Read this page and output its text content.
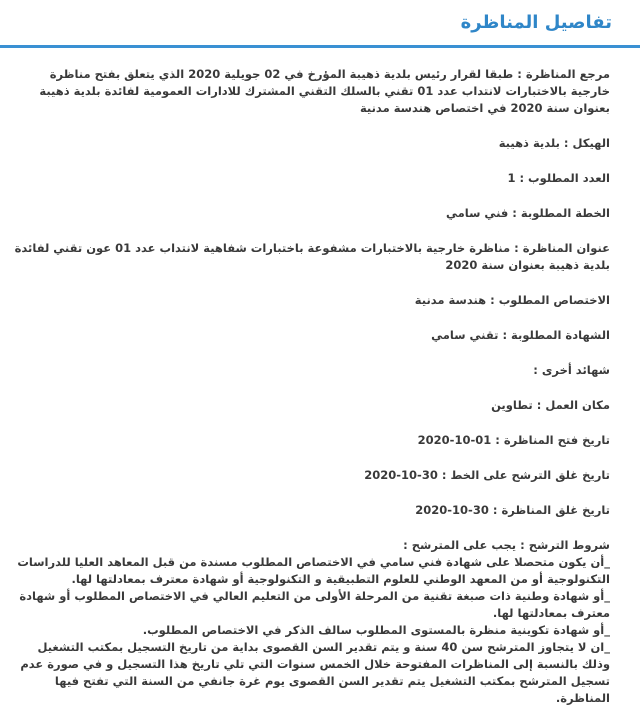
تفاصيل المناظرة
مرجع المناظرة : طبقا لقرار رئيس بلدية ذهيبة المؤرخ في 02 جويلية 2020 الذي يتعلق بفتح مناظرة خارجية بالاختبارات لانتداب عدد 01 تقني بالسلك التقني المشترك للادارات العمومية لفائدة بلدية ذهيبة بعنوان سنة 2020 في اختصاص هندسة مدنية
الهيكل : بلدية ذهيبة
العدد المطلوب : 1
الخطة المطلوبة : فني سامي
عنوان المناظرة : مناظرة خارجية بالاختبارات مشفوعة باختبارات شفاهية لانتداب عدد 01 عون تقني لفائدة بلدية ذهيبة بعنوان سنة 2020
الاختصاص المطلوب : هندسة مدنية
الشهادة المطلوبة : تقني سامي
شهائد أخرى :
مكان العمل : تطاوين
تاريخ فتح المناظرة : 01-10-2020
تاريخ غلق الترشح على الخط : 30-10-2020
تاريخ غلق المناظرة : 30-10-2020
شروط الترشح : يجب على المترشح :
_أن يكون متحصلا على شهادة فني سامي في الاختصاص المطلوب مسندة من قبل المعاهد العليا للدراسات التكنولوجية أو من المعهد الوطني للعلوم التطبيقية و التكنولوجية أو شهادة معترف بمعادلتها لها.
_أو شهادة وطنية ذات صبغة تقنية من المرحلة الأولى من التعليم العالي في الاختصاص المطلوب أو شهادة معترف بمعادلتها لها.
_أو شهادة تكوينية منظرة بالمستوى المطلوب سالف الذكر في الاختصاص المطلوب.
_ان لا يتجاوز المترشح سن 40 سنة و يتم تقدير السن القصوى بداية من تاريخ التسجيل بمكتب التشغيل وذلك بالنسبة إلى المناظرات المفتوحة خلال الخمس سنوات التي تلي تاريخ هذا التسجيل و في صورة عدم تسجيل المترشح بمكتب التشغيل يتم تقدير السن القصوى يوم غرة جانفي من السنة التي تفتح فيها المناظرة.
